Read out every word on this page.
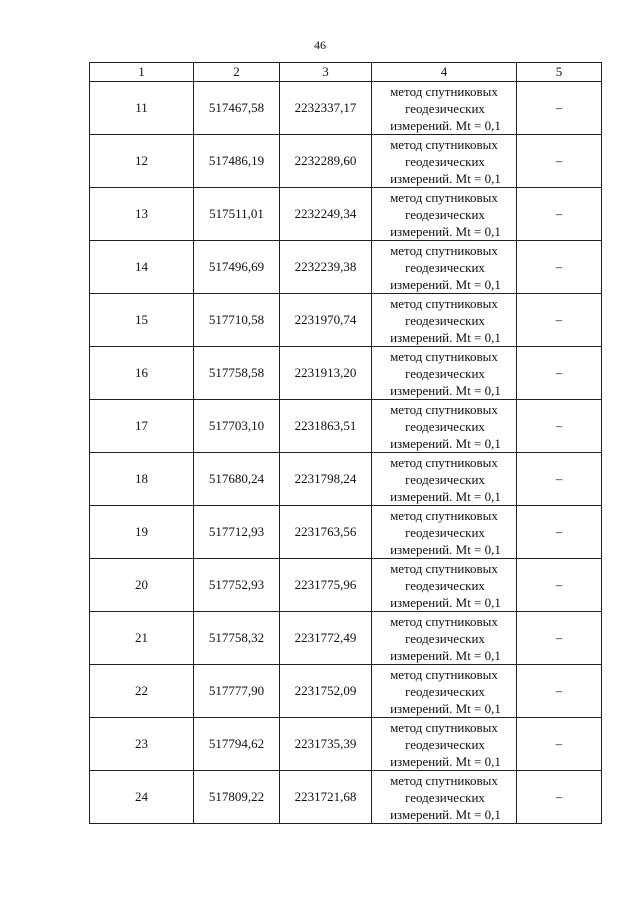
46
1	2	3	4	5
11	517467,58	2232337,17	метод спутниковых
геодезических
измерений. Mt = 0,1	–
12	517486,19	2232289,60	метод спутниковых
геодезических
измерений. Mt = 0,1	–
13	517511,01	2232249,34	метод спутниковых
геодезических
измерений. Mt = 0,1	–
14	517496,69	2232239,38	метод спутниковых
геодезических
измерений. Mt = 0,1	–
15	517710,58	2231970,74	метод спутниковых
геодезических
измерений. Mt = 0,1	–
16	517758,58	2231913,20	метод спутниковых
геодезических
измерений. Mt = 0,1	–
17	517703,10	2231863,51	метод спутниковых
геодезических
измерений. Mt = 0,1	–
18	517680,24	2231798,24	метод спутниковых
геодезических
измерений. Mt = 0,1	–
19	517712,93	2231763,56	метод спутниковых
геодезических
измерений. Mt = 0,1	–
20	517752,93	2231775,96	метод спутниковых
геодезических
измерений. Mt = 0,1	–
21	517758,32	2231772,49	метод спутниковых
геодезических
измерений. Mt = 0,1	–
22	517777,90	2231752,09	метод спутниковых
геодезических
измерений. Mt = 0,1	–
23	517794,62	2231735,39	метод спутниковых
геодезических
измерений. Mt = 0,1	–
24	517809,22	2231721,68	метод спутниковых
геодезических
измерений. Mt = 0,1	–
